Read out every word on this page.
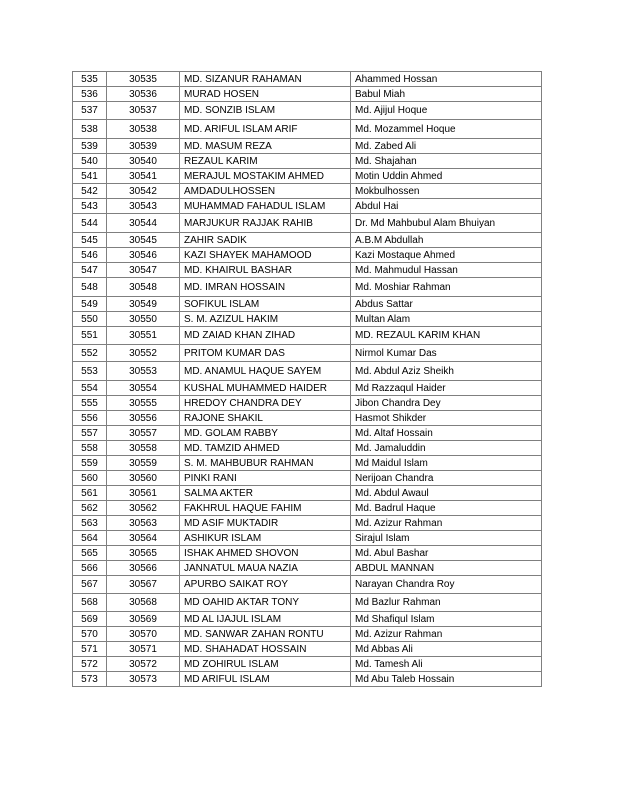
535	30535	MD. SIZANUR RAHAMAN	Ahammed Hossan
536	30536	MURAD HOSEN	Babul Miah
537	30537	MD. SONZIB ISLAM	Md. Ajijul Hoque
538	30538	MD. ARIFUL ISLAM ARIF	Md. Mozammel Hoque
539	30539	MD. MASUM REZA	Md. Zabed Ali
540	30540	REZAUL KARIM	Md. Shajahan
541	30541	MERAJUL MOSTAKIM AHMED	Motin Uddin Ahmed
542	30542	AMDADULHOSSEN	Mokbulhossen
543	30543	MUHAMMAD FAHADUL ISLAM	Abdul Hai
544	30544	MARJUKUR RAJJAK RAHIB	Dr. Md Mahbubul Alam Bhuiyan
545	30545	ZAHIR SADIK	A.B.M Abdullah
546	30546	KAZI SHAYEK MAHAMOOD	Kazi Mostaque Ahmed
547	30547	MD. KHAIRUL BASHAR	Md. Mahmudul Hassan
548	30548	MD. IMRAN HOSSAIN	Md. Moshiar Rahman
549	30549	SOFIKUL ISLAM	Abdus Sattar
550	30550	S. M. AZIZUL HAKIM	Multan Alam
551	30551	MD ZAIAD KHAN ZIHAD	MD. REZAUL KARIM KHAN
552	30552	PRITOM KUMAR DAS	Nirmol Kumar Das
553	30553	MD. ANAMUL HAQUE SAYEM	Md. Abdul Aziz Sheikh
554	30554	KUSHAL MUHAMMED HAIDER	Md Razzaqul Haider
555	30555	HREDOY CHANDRA DEY	Jibon Chandra Dey
556	30556	RAJONE SHAKIL	Hasmot Shikder
557	30557	MD. GOLAM RABBY	Md. Altaf Hossain
558	30558	MD. TAMZID AHMED	Md. Jamaluddin
559	30559	S. M. MAHBUBUR RAHMAN	Md Maidul Islam
560	30560	PINKI RANI	Nerijoan Chandra
561	30561	SALMA AKTER	Md. Abdul Awaul
562	30562	FAKHRUL HAQUE FAHIM	Md. Badrul Haque
563	30563	MD ASIF MUKTADIR	Md. Azizur Rahman
564	30564	ASHIKUR ISLAM	Sirajul Islam
565	30565	ISHAK AHMED SHOVON	Md. Abul Bashar
566	30566	JANNATUL MAUA NAZIA	ABDUL MANNAN
567	30567	APURBO SAIKAT ROY	Narayan Chandra Roy
568	30568	MD OAHID AKTAR TONY	Md Bazlur Rahman
569	30569	MD AL IJAJUL ISLAM	Md Shafiqul Islam
570	30570	MD. SANWAR ZAHAN RONTU	Md. Azizur Rahman
571	30571	MD. SHAHADAT HOSSAIN	Md Abbas Ali
572	30572	MD ZOHIRUL ISLAM	Md. Tamesh Ali
573	30573	MD ARIFUL ISLAM	Md Abu Taleb Hossain
